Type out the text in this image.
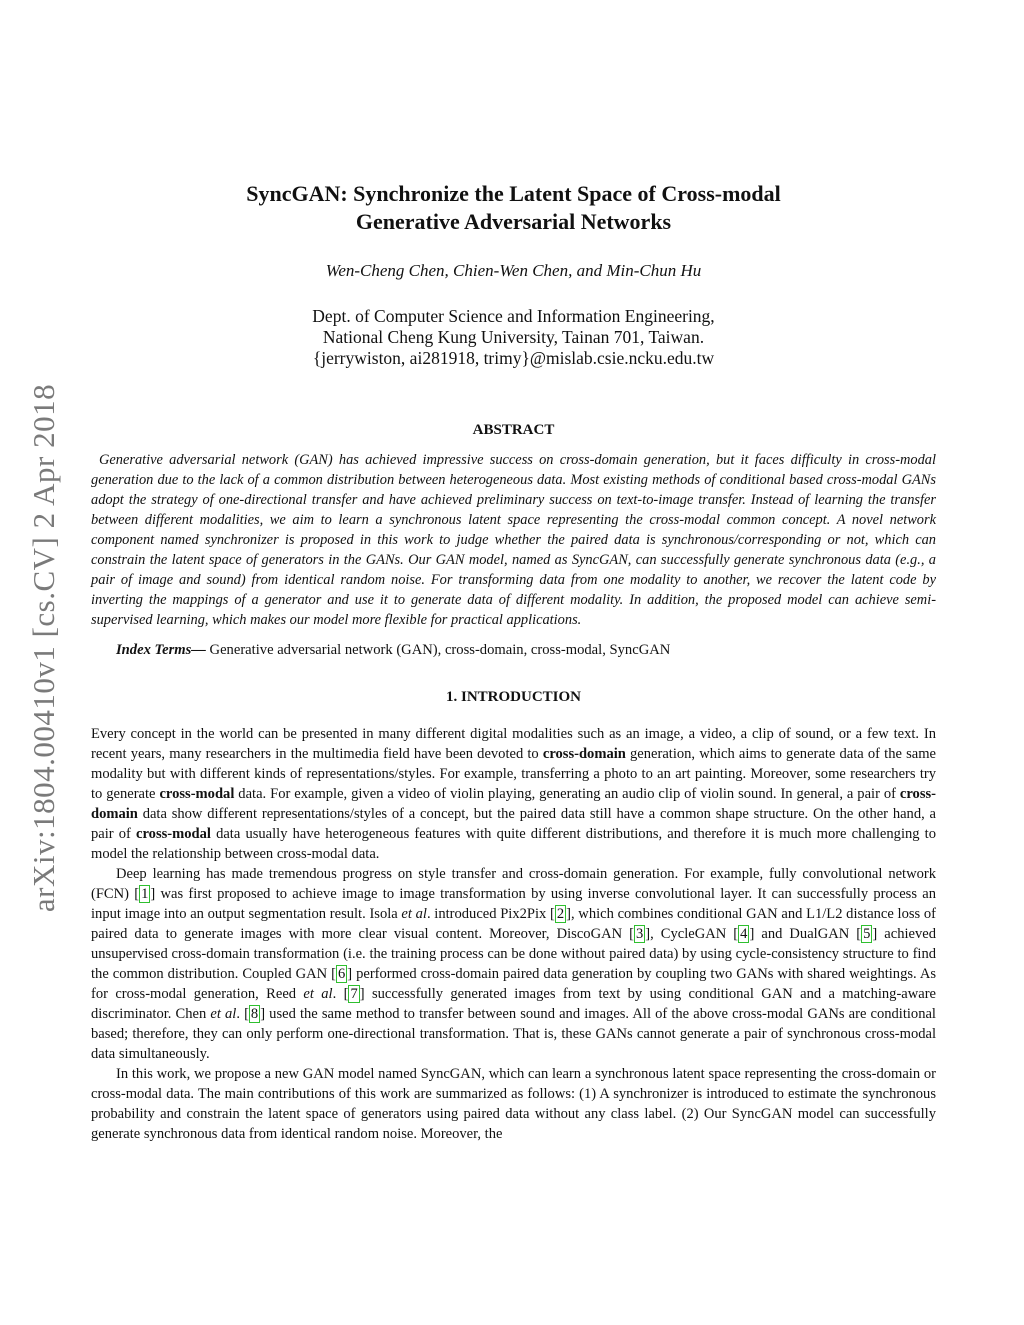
arXiv:1804.00410v1 [cs.CV] 2 Apr 2018
SyncGAN: Synchronize the Latent Space of Cross-modal
Generative Adversarial Networks
Wen-Cheng Chen, Chien-Wen Chen, and Min-Chun Hu
Dept. of Computer Science and Information Engineering,
National Cheng Kung University, Tainan 701, Taiwan.
{jerrywiston, ai281918, trimy}@mislab.csie.ncku.edu.tw
ABSTRACT

Generative adversarial network (GAN) has achieved impressive success on cross-domain generation, but it faces difficulty in cross-modal generation due to the lack of a common distribution between heterogeneous data. Most existing methods of conditional based cross-modal GANs adopt the strategy of one-directional transfer and have achieved preliminary success on text-to-image transfer. Instead of learning the transfer between different modalities, we aim to learn a synchronous latent space representing the cross-modal common concept. A novel network component named synchronizer is proposed in this work to judge whether the paired data is synchronous/corresponding or not, which can constrain the latent space of generators in the GANs. Our GAN model, named as SyncGAN, can successfully generate synchronous data (e.g., a pair of image and sound) from identical random noise. For transforming data from one modality to another, we recover the latent code by inverting the mappings of a generator and use it to generate data of different modality. In addition, the proposed model can achieve semi-supervised learning, which makes our model more flexible for practical applications.

Index Terms— Generative adversarial network (GAN), cross-domain, cross-modal, SyncGAN

1. INTRODUCTION

Every concept in the world can be presented in many different digital modalities such as an image, a video, a clip of sound, or a few text. In recent years, many researchers in the multimedia field have been devoted to cross-domain generation, which aims to generate data of the same modality but with different kinds of representations/styles. For example, transferring a photo to an art painting. Moreover, some researchers try to generate cross-modal data. For example, given a video of violin playing, generating an audio clip of violin sound. In general, a pair of cross-domain data show different representations/styles of a concept, but the paired data still have a common shape structure. On the other hand, a pair of cross-modal data usually have heterogeneous features with quite different distributions, and therefore it is much more challenging to model the relationship between cross-modal data.

Deep learning has made tremendous progress on style transfer and cross-domain generation. For example, fully convolutional network (FCN) [ 1 ] was first proposed to achieve image to image transformation by using inverse convolutional layer. It can successfully process an input image into an output segmentation result. Isola et al. introduced Pix2Pix [ 2 ], which combines conditional GAN and L1/L2 distance loss of paired data to generate images with more clear visual content. Moreover, DiscoGAN [ 3 ], CycleGAN [ 4 ] and DualGAN [ 5 ] achieved unsupervised cross-domain transformation (i.e. the training process can be done without paired data) by using cycle-consistency structure to find the common distribution. Coupled GAN [ 6 ] performed cross-domain paired data generation by coupling two GANs with shared weightings. As for cross-modal generation, Reed et al. [ 7 ] successfully generated images from text by using conditional GAN and a matching-aware discriminator. Chen et al. [ 8 ] used the same method to transfer between sound and images. All of the above cross-modal GANs are conditional based; therefore, they can only perform one-directional transformation. That is, these GANs cannot generate a pair of synchronous cross-modal data simultaneously.

In this work, we propose a new GAN model named SyncGAN, which can learn a synchronous latent space representing the cross-domain or cross-modal data. The main contributions of this work are summarized as follows: (1) A synchronizer is introduced to estimate the synchronous probability and constrain the latent space of generators using paired data without any class label. (2) Our SyncGAN model can successfully generate synchronous data from identical random noise. Moreover, the
